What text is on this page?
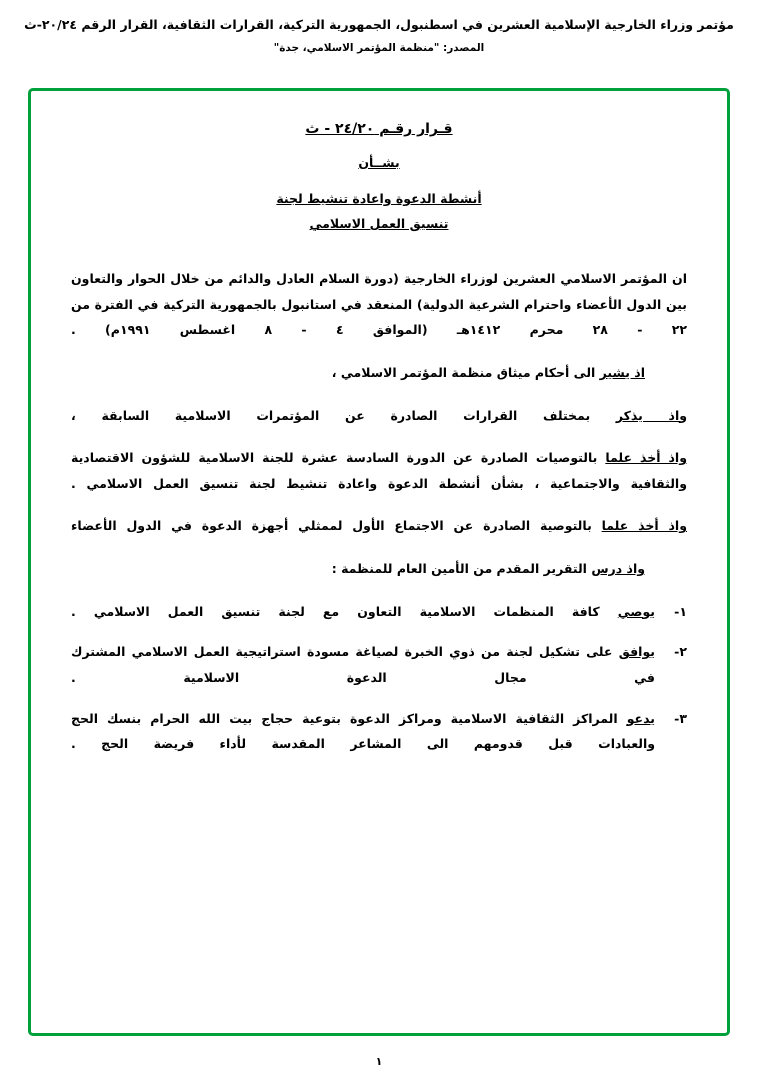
مؤتمر وزراء الخارجية الإسلامية العشرين في اسطنبول، الجمهورية التركية، القرارات الثقافية، القرار الرقم ٢٠/٢٤-ث
المصدر: "منظمة المؤتمر الاسلامي، جدة"
قـرار رقـم ٢٤/٢٠ - ث
بشــأن
أنشطة الدعوة واعادة تنشيط لجنة
تنسيق العمل الاسلامي

ان المؤتمر الاسلامي العشرين لوزراء الخارجية (دورة السلام العادل والدائم من خلال الحوار والتعاون بين الدول الأعضاء واحترام الشرعية الدولية) المنعقد في استانبول بالجمهورية التركية في الفترة من ٢٢ - ٢٨ محرم ١٤١٢هـ (الموافق ٤ - ٨ اغسطس ١٩٩١م) .

اذ يشير الى أحكام ميثاق منظمة المؤتمر الاسلامي ،

واذ يذكر بمختلف القرارات الصادرة عن المؤتمرات الاسلامية السابقة ،

واذ أخذ علما بالتوصيات الصادرة عن الدورة السادسة عشرة للجنة الاسلامية للشؤون الاقتصادية والثقافية والاجتماعية ، بشأن أنشطة الدعوة واعادة تنشيط لجنة تنسيق العمل الاسلامي .

واذ أخذ علما بالتوصية الصادرة عن الاجتماع الأول لممثلي أجهزة الدعوة في الدول الأعضاء

واذ درس التقرير المقدم من الأمين العام للمنظمة :

١-
يوصي كافة المنظمات الاسلامية التعاون مع لجنة تنسيق العمل الاسلامي .
٢-
يوافق على تشكيل لجنة من ذوي الخبرة لصياغة مسودة استراتيجية العمل الاسلامي المشترك في مجال الدعوة الاسلامية .
٣-
يدعو المراكز الثقافية الاسلامية ومراكز الدعوة بتوعية حجاج بيت الله الحرام بنسك الحج والعبادات قبل قدومهم الى المشاعر المقدسة لأداء فريضة الحج .
١
